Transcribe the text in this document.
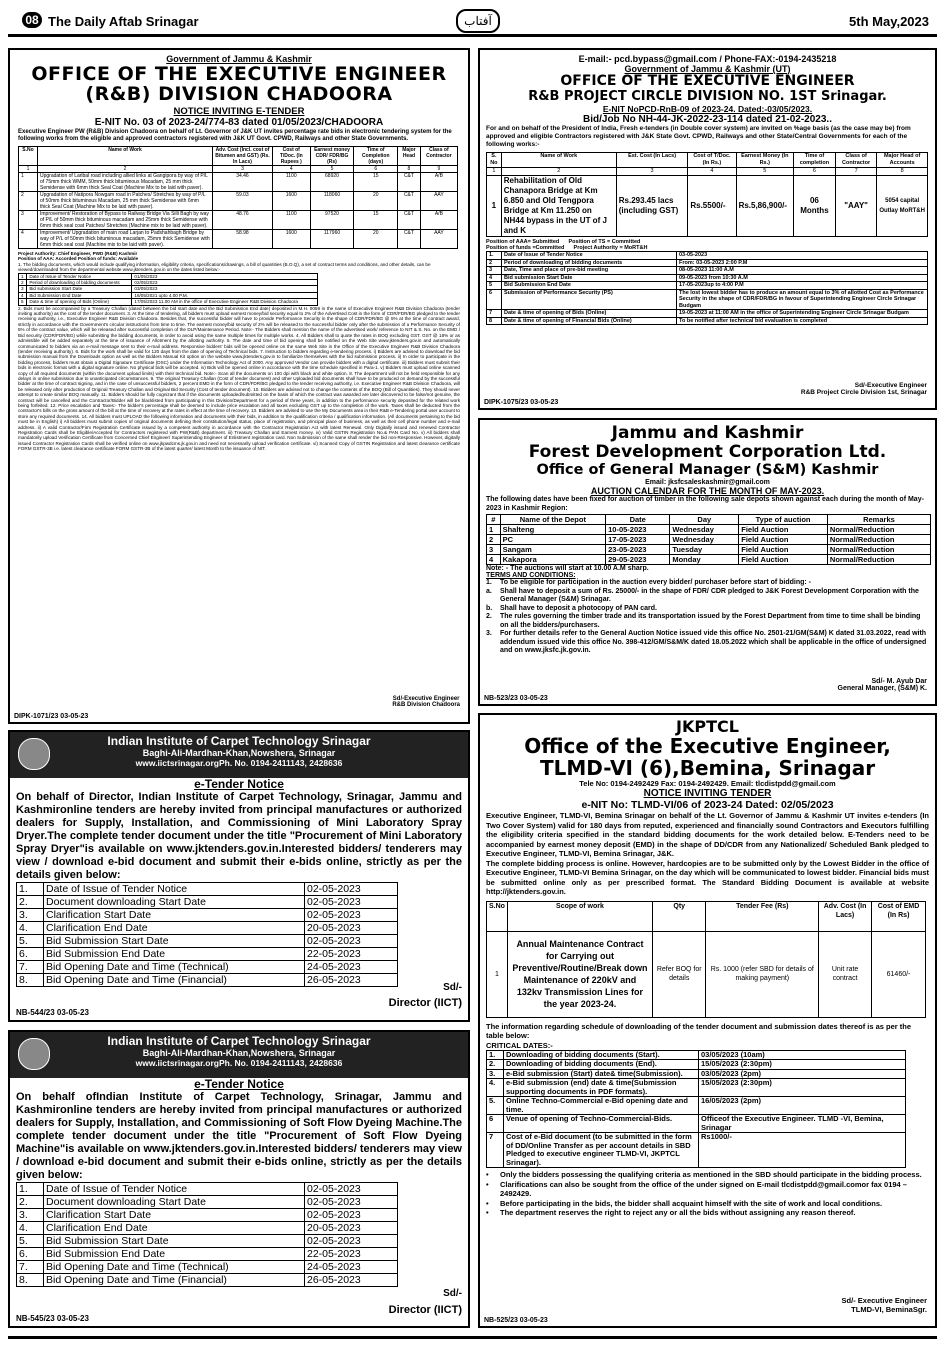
08 The Daily Aftab Srinagar	آفتاب	5th May,2023
Government of Jammu & Kashmir
OFFICE OF THE EXECUTIVE ENGINEER
(R&B) DIVISION CHADOORA
NOTICE INVITING E-TENDER
E-NIT No. 03 of 2023-24/774-83 dated 01/05/2023/CHADOORA
Executive Engineer PW (R&B) Division Chadoora on behalf of Lt. Governor of J&K UT invites percentage rate bids in electronic tendering system for the following works from the eligible and approved contractors registered with J&K UT Govt. CPWD, Railways and other State Governments.
S.No	Name of Work	Adv. Cost (Incl. cost of Bitumen and GST) (Rs. In Lacs)	Cost of T/Doc. (In Rupees )	Earnest money CDR/ FDR/BG (Rs)	Time of Completion (days)	Major Head	Class of Contractor
1	2	3	4	5	6	8	9
1	Upgradation of Laribal road including allied links at Gangipora by way of P/L of 75mm thick WMM, 50mm thick bituminous Macadam, 25 mm thick Semidense with 6mm thick Seal Coat (Machine Mix to be laid with paver).	34.46	1100	68920	15	C&T	A/B
2	Upgradation of Natipora Nowgam road in Patches/ Stretches by way of P/L of 50mm thick bituminous Macadam, 25 mm thick Semidense with 6mm thick Seal Coat (Machine Mix to be laid with paver).	59.03	1600	118060	20	C&T	AAY
3	Improvement/ Restoration of Bypass to Railway Bridge Via Silli Bagh by way of P/L of 50mm thick bituminous macadam and 25mm thick Semidense with 6mm thick seal coat Patches/ Stretches (Machine mix to be laid with paver).	48.76	1100	97520	15	C&T	A/B
4	Improvement/ Upgradation of main road Larjan to Padshahbagh Bridge by way of P/L of 50mm thick bituminous macadam, 25mm thick Semidense with 6mm thick seal coat (Machine mix to be laid with paver).	58.98	1600	117960	20	C&T	AAY
Project Authority: Chief Engineer, PWD (R&B) Kashmir
Position of AAA: Accorded Position of funds: Available
1. The bidding documents, which would include qualifying information, eligibility criteria, specifications/drawings, a bill of quantities (B.O.Q), a set of contract terms and conditions, and other details, can be viewed/downloaded from the departmental website www.jktenders.gov.in on the dates listed below:-
1	Date of Issue of Tender Notice	01/05/2023
2	Period of downloading of bidding documents	02/05/2023
3	Bid submission Start Date	03/05/2023
4	Bid Submission End Date	16/05/2021 upto 4.00 P.M.
5	Date & time of opening of Bids (Online)	17/05/2023 11.00 AM in the office of Executive Engineer R&B Division Chadoora
2. Bids must be accompanied by a Treasury Challan (dated between the bid start date and the Bid Submission End date) deposited in M.H. 0059 in the name of Executive Engineer R&B Division Chadoora (tender inviting authority) as the cost of the tender document. 3. At the time of tendering, all bidders must upload earnest money/bid security equal to 2% of the Advertised Cost in the form of CDR/FDR/BG pledged to the tender receiving authority, i.e., Executive Engineer R&B Division Chadoora. Besides that, the successful bidder will have to provide Performance Security in the shape of CDR/FDR/BG @ 5% at the time of contract award, strictly in accordance with the Government's circular instructions from time to time. The earnest money/bid security of 2% will be released to the successful bidder only after the submission of a Performance Security of 5% of the contract value, which will be released after successful completion of the DLP/Maintenance Period. Note:- The Bidders shall mention the name of the advertised work/ reference to NIT & S. No. on the EMD / Bid security (CDR/FDR/BG) while submitting the bidding documents, in order to avoid using the same multiple times for multiple works. 4. All Bidders shall to quote the rates in BOQ excluding GST. GST @ 18% or as admissible will be added separately at the time of issuance of Allotment by the allotting authority. 5. The date and time of bid opening shall be notified on the Web Site www.jktenders.gov.in and automatically communicated to bidders via an e-mail message sent to their e-mail address. Responsive bidders' bids will be opened online on the same Web Site in the Office of the Executive Engineer R&B Division Chadoora (tender receiving authority). 6. Bids for the work shall be valid for 120 days from the date of opening of Technical bids. 7. Instruction to bidders regarding e-tendering process. i) Bidders are advised to download the bid submission manual from the Downloads option as well as the Bidders Manual Kit option on the website www.jktenders.gov.in to familiarize themselves with the bid submission process. ii) In order to participate in the bidding process, bidders must obtain a Digital Signature Certificate (DSC) under the Information Technology Act of 2000. Any approved Vendor can provide bidders with a digital certificate. iii) Bidders must submit their bids in electronic format with a digital signature online. No physical bids will be accepted. iv) Bids will be opened online in accordance with the time schedule specified in Para-1. v) Bidders must upload online scanned copy of all required documents (within the document upload limits) with their technical bid. Note:- Scan all the documents on 100 dpi with black and white option. 8. The department will not be held responsible for any delays in online submission due to unanticipated circumstances. 9. The original Treasury Challan (Cost of tender document) and other Uploaded bid documents shall have to be produced on demand by the successful bidder at the time of contract signing, and in the case of unsuccessful bidders, 2 percent EMD in the form of CDR/FDR/BG pledged to the tender receiving authority, i.e. Executive Engineer R&B Division Chadoora, will be released only after production of Original Treasury Challan and Original Bid Security (Cost of tender document). 10. Bidders are advised not to change the contents of the BOQ (Bill of Quantities). They should never attempt to create similar BOQ manually. 11. Bidders should be fully cognizant that if the documents uploaded/submitted on the basis of which the contract was awarded are later discovered to be false/not genuine, the contract will be cancelled and the Contractor/Bidder will be blacklisted from participating in this Division/Department for a period of three years, in addition to the performance security deposited for the related work being forfeited. 12. Price escalation and Taxes:- The bidder's percentage shall be deemed to include price escalation and all taxes excluding GST up to the completion of the work. Taxes shall be deducted from the contractor's bills on the gross amount of the bill at the time of recovery at the rates in effect at the time of recovery. 13. Bidders are advised to use the My Documents area in their R&B e-Tendering portal user account to store any required documents. 14. All bidders must UPLOAD the following information and documents with their bids, in addition to the qualification criteria / qualification information. (All documents pertaining to the bid must be in English) i) All bidders must submit copies of original documents defining their constitution/legal status, place of registration, and principal place of business, as well as their cell phone number and e-mail address. ii) A valid Contractor/Firm Registration Certificate issued by a competent authority in accordance with the Contractor Registration Act with latest Renewal. Only Digitally issued and renewed Contractor Registration Cards shall be Eligible/Accepted for Contractors registered with PW(R&B) department. iii) Treasury Challan and Earnest money. iv) Valid GSTIN Registration No.& PAN Card No. v) All bidders shall mandatorily upload Verification Certificate from Concerned Chief Engineer/ Superintending Engineer of Enlistment registration card. Non Submission of the same shall render the bid non-Responsive. However, digitally issued Contractor Registration Cards shall be verified online on www.jkpwdcms.jk.gov.in and need not necessarily upload verification certificate. vi) Scanned Copy of GSTIN Registration and latest clearance certificate FORM GSTR-3B i.e. latest clearance certificate FORM GSTR-3B of the latest quarter/ latest Month to the issuance of NIT.
Sd/-Executive Engineer
R&B Division Chadoora
DIPK-1071/23 03-05-23
E-mail:- pcd.bypass@gmail.com / Phone-FAX:-0194-2435218
Government of Jammu & Kashmir (UT)
OFFICE OF THE EXECUTIVE ENGINEER
R&B PROJECT CIRCLE DIVISION NO. 1ST Srinagar.
E-NIT NoPCD-RnB-09 of 2023-24. Dated:-03/05/2023.
Bid/Job No NH-44-JK-2022-23-114 dated 21-02-2023..
For and on behalf of the President of India, Fresh e-tenders (in Double cover system) are invited on %age basis (as the case may be) from approved and eligible Contractors registered with J&K State Govt. CPWD, Railways and other State/Central Governments for each of the following works:-
S. No	Name of Work	Est. Cost (In Lacs)	Cost of T/Doc. (In Rs.)	Earnest Money (In Rs.)	Time of completion	Class of Contractor	Major Head of Accounts
1	2	3	4	5	6	7	8
1	Rehabilitation of Old Chanapora Bridge at Km 6.850 and Old Tengpora Bridge at Km 11.250 on NH44 bypass in the UT of J and K	Rs.293.45 lacs (including GST)	Rs.5500/-	Rs.5,86,900/-	06 Months	"AAY"	5054 capital Outlay MoRT&H
Position of AAA= Submitted Position of TS = Committed
Position of funds =Committed Project Authority = MoRT&H
1.	Date of Issue of Tender Notice	03-05-2023
2	Period of downloading of bidding documents	From: 03-05-2023 2:00 P.M
3	Date, Time and place of pre-bid meeting	08-05-2023 11:00 A.M
4	Bid submission Start Date	09-05-2023 from 10:30 A.M
5	Bid Submission End Date	17-05-2023up to 4:00 P.M
6	Submission of Performance Security (PS)	The lost lowest bidder has to produce an amount equal to 3% of allotted Cost as Performance Security in the shape of CDR/FDR/BG in favour of Superintending Engineer Circle Srinagar Budgam
7	Date & time of opening of Bids (Online)	19-05-2023 at 11:00 AM in the office of Superintending Engineer Circle Srinagar Budgam
8	Date & time of opening of Financial Bids (Online)	To be notified after technical bid evaluation is completed
Sd/-Executive Engineer
R&B Project Circle Division 1st, Srinagar
DIPK-1075/23 03-05-23
Jammu and Kashmir
Forest Development Corporation Ltd.
Office of General Manager (S&M) Kashmir
Email: jksfcsaleskashmir@gmail.com
AUCTION CALENDAR FOR THE MONTH OF MAY-2023.
The following dates have been fixed for auction of timber in the following sale depots shown against each during the month of May-2023 in Kashmir Region:
#	Name of the Depot	Date	Day	Type of auction	Remarks
1	Shalteng	10-05-2023	Wednesday	Field Auction	Normal/Reduction
2	PC	17-05-2023	Wednesday	Field Auction	Normal/Reduction
3	Sangam	23-05-2023	Tuesday	Field Auction	Normal/Reduction
4	Kakapora	29-05-2023	Monday	Field Auction	Normal/Reduction
Note: - The auctions will start at 10.00 A.M sharp.
TERMS AND CONDITIONS:
1.	To be eligible for participation in the auction every bidder/ purchaser before start of bidding: -
a.	Shall have to deposit a sum of Rs. 25000/- in the shape of FDR/ CDR pledged to J&K Forest Development Corporation with the General Manager (S&M) Srinagar.
b.	Shall have to deposit a photocopy of PAN card.
2.	The rules governing the timber trade and its transportation issued by the Forest Department from time to time shall be binding on all the bidders/purchasers.
3.	For further details refer to the General Auction Notice issued vide this office No. 2501-21/GM(S&M) K dated 31.03.2022, read with addendum issued vide this office No. 398-412/GM/S&M/K dated 18.05.2022 which shall be applicable in the office of undersigned and on www.jksfc.jk.gov.in.
Sd/- M. Ayub Dar
General Manager, (S&M) K.
NB-523/23 03-05-23
Indian Institute of Carpet Technology Srinagar
Baghi-Ali-Mardhan-Khan,Nowshera, Srinagar
www.iictsrinagar.orgPh. No. 0194-2411143, 2428636
e-Tender Notice
On behalf of Director, Indian Institute of Carpet Technology, Srinagar, Jammu and Kashmironline tenders are hereby invited from principal manufactures or authorized dealers for Supply, Installation, and Commissioning of Mini Laboratory Spray Dryer.The complete tender document under the title "Procurement of Mini Laboratory Spray Dryer"is available on www.jktenders.gov.in.Interested bidders/ tenderers may view / download e-bid document and submit their e-bids online, strictly as per the details given below:
1.	Date of Issue of Tender Notice	02-05-2023
2.	Document downloading Start Date	02-05-2023
3.	Clarification Start Date	02-05-2023
4.	Clarification End Date	20-05-2023
5.	Bid Submission Start Date	02-05-2023
6.	Bid Submission End Date	22-05-2023
7.	Bid Opening Date and Time (Technical)	24-05-2023
8.	Bid Opening Date and Time (Financial)	26-05-2023
Sd/-
Director (IICT)
NB-544/23 03-05-23
Indian Institute of Carpet Technology Srinagar
Baghi-Ali-Mardhan-Khan,Nowshera, Srinagar
www.iictsrinagar.orgPh. No. 0194-2411143, 2428636
e-Tender Notice
On behalf ofIndian Institute of Carpet Technology, Srinagar, Jammu and Kashmironline tenders are hereby invited from principal manufactures or authorized dealers for Supply, Installation, and Commissioning of Soft Flow Dyeing Machine.The complete tender document under the title "Procurement of Soft Flow Dyeing Machine"is available on www.jktenders.gov.in.Interested bidders/ tenderers may view / download e-bid document and submit their e-bids online, strictly as per the details given below:
1.	Date of Issue of Tender Notice	02-05-2023
2.	Document downloading Start Date	02-05-2023
3.	Clarification Start Date	02-05-2023
4.	Clarification End Date	20-05-2023
5.	Bid Submission Start Date	02-05-2023
6.	Bid Submission End Date	22-05-2023
7.	Bid Opening Date and Time (Technical)	24-05-2023
8.	Bid Opening Date and Time (Financial)	26-05-2023
Sd/-
Director (IICT)
NB-545/23 03-05-23
JKPTCL
Office of the Executive Engineer,
TLMD-VI (6),Bemina, Srinagar
Tele No: 0194-2492429 Fax: 0194-2492429. Email: tlcdistpdd@gmail.com
NOTICE INVITING TENDER
e-NIT No: TLMD-VI/06 of 2023-24 Dated: 02/05/2023
Executive Engineer, TLMD-VI, Bemina Srinagar on behalf of the Lt. Governor of Jammu & Kashmir UT invites e-tenders (In Two Cover System) valid for 180 days from reputed, experienced and financially sound Contractors and Executors fulfilling the eligibility criteria specified in the standard bidding documents for the work detailed below. E-Tenders need to be accompanied by earnest money deposit (EMD) in the shape of DD/CDR from any Nationalized/ Scheduled Bank pledged to Executive Engineer, TLMD-VI, Bemina Srinagar, J&K.
The complete bidding process is online. However, hardcopies are to be submitted only by the Lowest Bidder in the office of Executive Engineer, TLMD-VI Bemina Srinagar, on the day which will be communicated to lowest bidder. Financial bids must be submitted online only as per prescribed format. The Standard Bidding Document is available at website http://jktenders.gov.in.
S.No	Scope of work	Qty	Tender Fee (Rs)	Adv. Cost (In Lacs)	Cost of EMD (In Rs)
1	Annual Maintenance Contract for Carrying out Preventive/Routine/Break down Maintenance of 220kV and 132kv Transmission Lines for the year 2023-24.	Refer BOQ for details	Rs. 1000 (refer SBD for details of making payment)	Unit rate contract	61460/-
The information regarding schedule of downloading of the tender document and submission dates thereof is as per the table below:
CRITICAL DATES:-
1.	Downloading of bidding documents (Start).	03/05/2023 (10am)
2.	Downloading of bidding documents (End).	15/05/2023 (2:30pm)
3.	e-Bid submission (Start) date& time(Submission).	03/05/2023 (2pm)
4.	e-Bid submission (end) date & time(Submission supporting documents in PDF formats).	15/05/2023 (2:30pm)
5.	Online Techno-Commercial e-Bid opening date and time.	16/05/2023 (2pm)
6	Venue of opening of Techno-Commercial-Bids.	Officeof the Executive Engineer. TLMD -VI, Bemina, Srinagar
7	Cost of e-Bid document (to be submitted in the form of DD/Online Transfer as per account details in SBD Pledged to executive engineer TLMD-VI, JKPTCL Srinagar).	Rs1000/-
•	Only the bidders possessing the qualifying criteria as mentioned in the SBD should participate in the bidding process.
•	Clarifications can also be sought from the office of the under signed on E-mail tlcdistpdd@gmail.comor fax 0194 – 2492429.
•	Before participating in the bids, the bidder shall acquaint himself with the site of work and local conditions.
•	The department reserves the right to reject any or all the bids without assigning any reason thereof.
Sd/- Executive Engineer
TLMD-VI, BeminaSgr.
NB-525/23 03-05-23
